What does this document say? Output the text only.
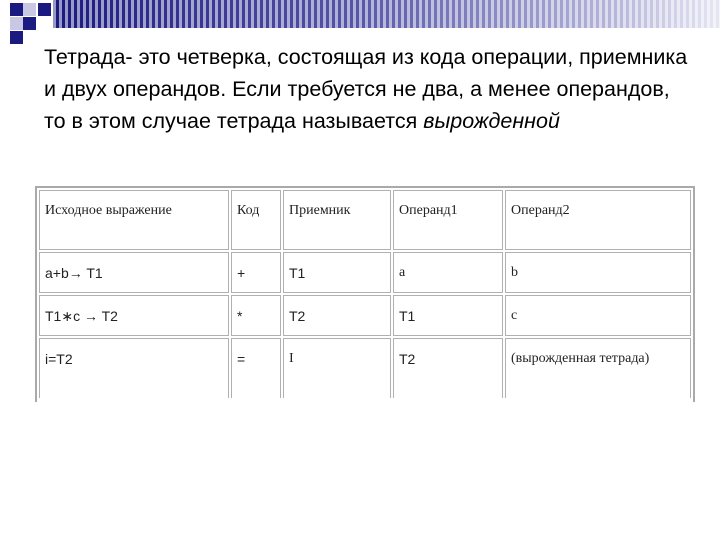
Тетрада- это четверка, состоящая из кода операции, приемника и двух операндов. Если требуется не два, а менее операндов, то в этом случае тетрада называется вырожденной
Исходное выражение	Код	Приемник	Операнд1	Операнд2
a+b→ T1	+	T1	a	b
T1∗c → T2	*	T2	T1	c
i=T2	=	I	T2	(вырожденная тетрада)
